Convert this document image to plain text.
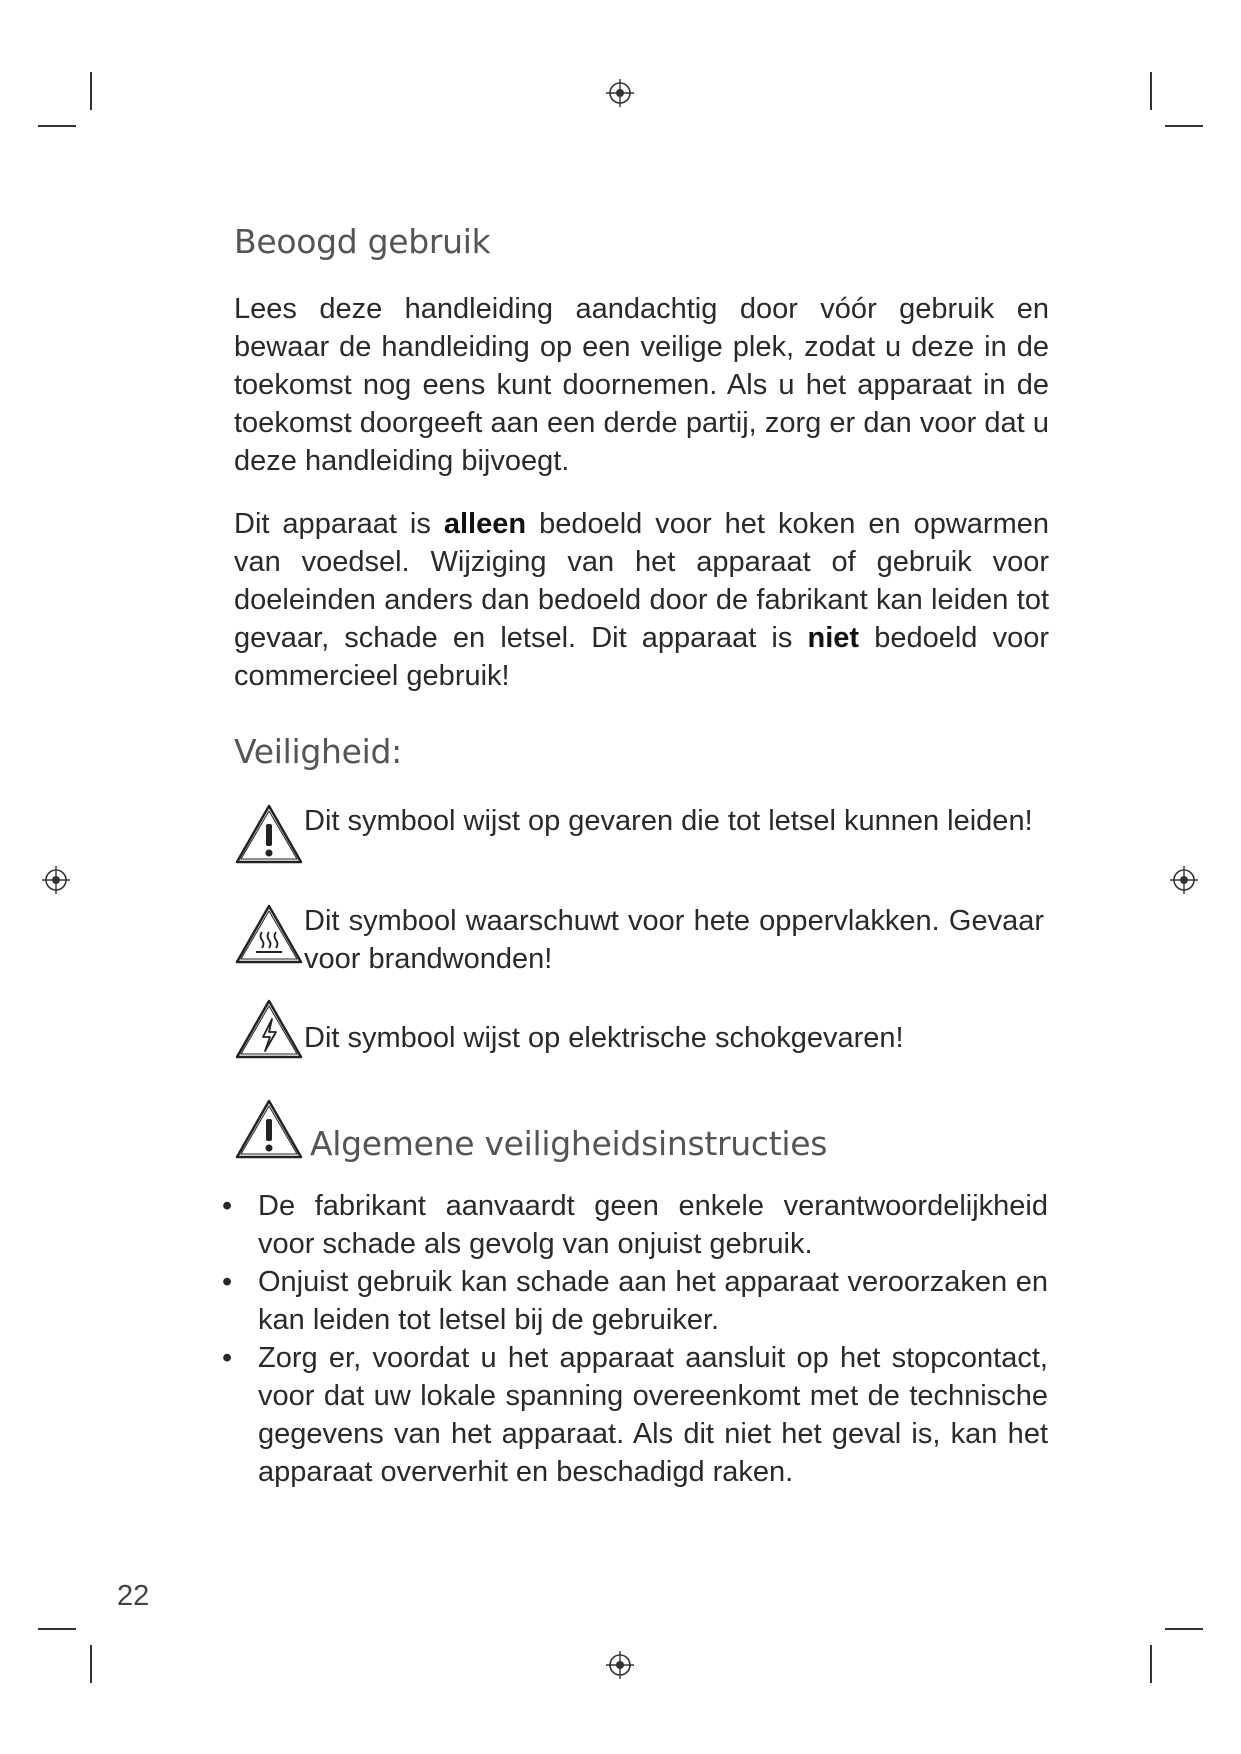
Beoogd gebruik

Lees deze handleiding aandachtig door vóór gebruik en bewaar de handleiding op een veilige plek, zodat u deze in de toekomst nog eens kunt doornemen. Als u het apparaat in de toekomst doorgeeft aan een derde partij, zorg er dan voor dat u deze handleiding bijvoegt.

Dit apparaat is alleen bedoeld voor het koken en opwarmen van voedsel. Wijziging van het apparaat of gebruik voor doeleinden anders dan bedoeld door de fabrikant kan leiden tot gevaar, schade en letsel. Dit apparaat is niet bedoeld voor commercieel gebruik!

Veiligheid:
Dit symbool wijst op gevaren die tot letsel kunnen leiden!
Dit symbool waarschuwt voor hete oppervlakken. Gevaar voor brandwonden!
Dit symbool wijst op elektrische schokgevaren!
Algemene veiligheidsinstructies
• De fabrikant aanvaardt geen enkele verantwoordelijkheid voor schade als gevolg van onjuist gebruik.
• Onjuist gebruik kan schade aan het apparaat veroorzaken en kan leiden tot letsel bij de gebruiker.
• Zorg er, voordat u het apparaat aansluit op het stopcontact, voor dat uw lokale spanning overeenkomt met de technische gegevens van het apparaat. Als dit niet het geval is, kan het apparaat oververhit en beschadigd raken.
22
